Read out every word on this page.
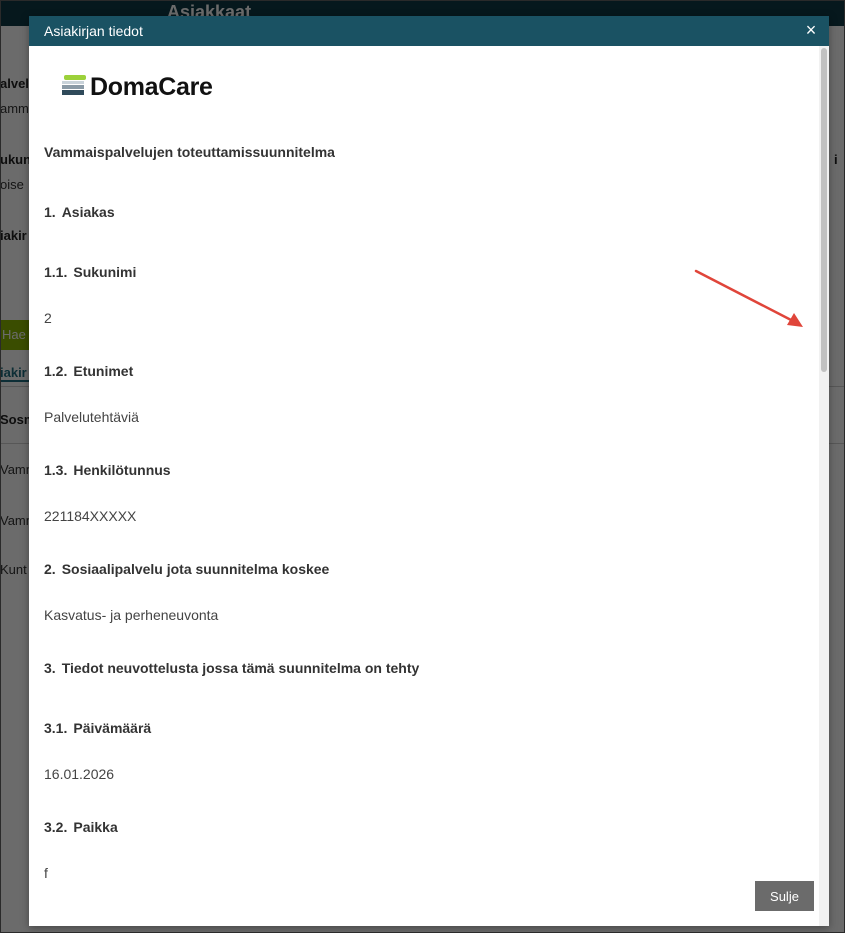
Asiakirjan tiedot	×
DomaCare
Vammaispalvelujen toteuttamissuunnitelma
1. Asiakas
1.1. Sukunimi
2
1.2. Etunimet
Palvelutehtäviä
1.3. Henkilötunnus
221184XXXXX
2. Sosiaalipalvelu jota suunnitelma koskee
Kasvatus- ja perheneuvonta
3. Tiedot neuvottelusta jossa tämä suunnitelma on tehty
3.1. Päivämäärä
16.01.2026
3.2. Paikka
f
Sulje
